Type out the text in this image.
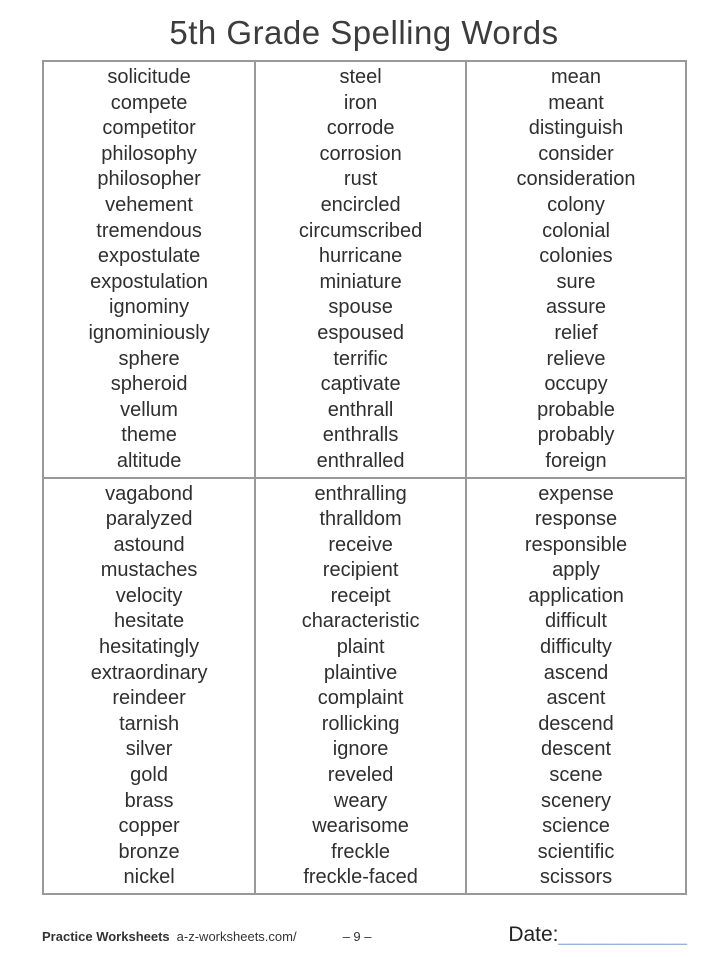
5th Grade Spelling Words
solicitude
compete
competitor
philosophy
philosopher
vehement
tremendous
expostulate
expostulation
ignominy
ignominiously
sphere
spheroid
vellum
theme
altitude
steel
iron
corrode
corrosion
rust
encircled
circumscribed
hurricane
miniature
spouse
espoused
terrific
captivate
enthrall
enthralls
enthralled
mean
meant
distinguish
consider
consideration
colony
colonial
colonies
sure
assure
relief
relieve
occupy
probable
probably
foreign
vagabond
paralyzed
astound
mustaches
velocity
hesitate
hesitatingly
extraordinary
reindeer
tarnish
silver
gold
brass
copper
bronze
nickel
enthralling
thralldom
receive
recipient
receipt
characteristic
plaint
plaintive
complaint
rollicking
ignore
reveled
weary
wearisome
freckle
freckle-faced
expense
response
responsible
apply
application
difficult
difficulty
ascend
ascent
descend
descent
scene
scenery
science
scientific
scissors
Practice Worksheets a-z-worksheets.com/	– 9 –	Date:___________
